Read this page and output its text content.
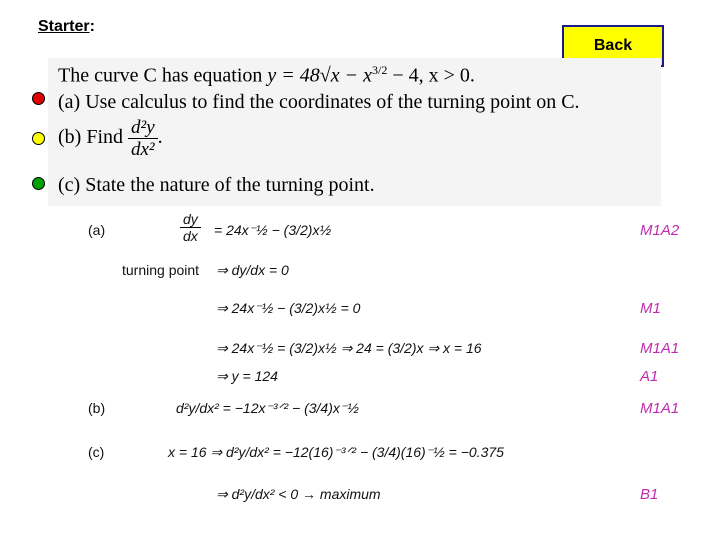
Starter:
Back
The curve C has equation $y = 48√x - x^{3/2} - 4$, x > 0.
(a) Use calculus to find the coordinates of the turning point on C.
(b) Find $\frac{\text{d²y}}{\text{dx²}}$ .
(c) State the nature of the turning point.
(a)	$\frac{dy}{dx}$ = 24x⁻½ − (3/2)x½	M1A2
turning point ⇒ dy/dx = 0
⇒ 24x⁻½ − (3/2)x½ = 0	M1
⇒ 24x⁻½ = (3/2)x½ ⇒ 24 = (3/2)x ⇒ x = 16	M1A1
⇒ y = 124	A1
(b)	d²y/dx² = −12x⁻³ᐟ² − (3/4)x⁻½	M1A1
(c)	x = 16 ⇒ d²y/dx² = −12(16)⁻³ᐟ² − (3/4)(16)⁻½ = −0.375
⇒ d²y/dx² < 0 → maximum	B1
